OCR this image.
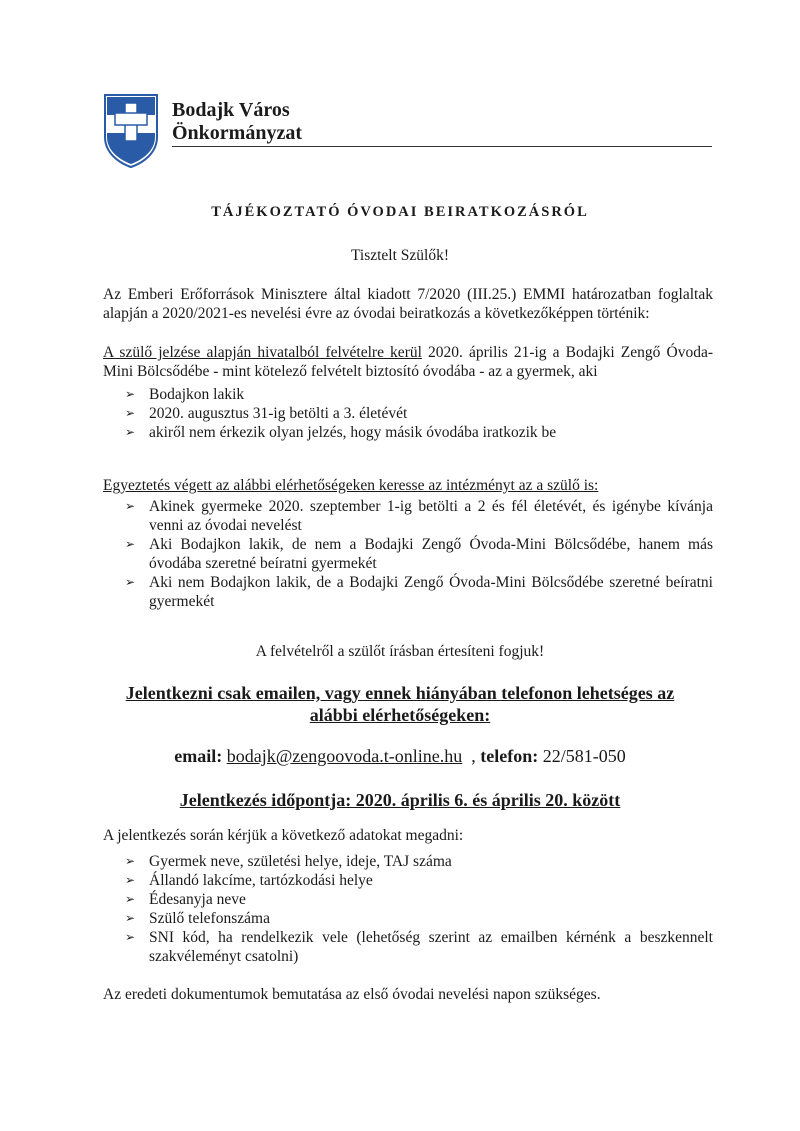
Bodajk Város
Önkormányzat
TÁJÉKOZTATÓ ÓVODAI BEIRATKOZÁSRÓL
Tisztelt Szülők!
Az Emberi Erőforrások Minisztere által kiadott 7/2020 (III.25.) EMMI határozatban foglaltak alapján a 2020/2021-es nevelési évre az óvodai beiratkozás a következőképpen történik:
A szülő jelzése alapján hivatalból felvételre kerül 2020. április 21-ig a Bodajki Zengő Óvoda-Mini Bölcsődébe - mint kötelező felvételt biztosító óvodába - az a gyermek, aki
➢ Bodajkon lakik
➢ 2020. augusztus 31-ig betölti a 3. életévét
➢ akiről nem érkezik olyan jelzés, hogy másik óvodába iratkozik be
Egyeztetés végett az alábbi elérhetőségeken keresse az intézményt az a szülő is:
➢ Akinek gyermeke 2020. szeptember 1-ig betölti a 2 és fél életévét, és igénybe kívánja venni az óvodai nevelést
➢ Aki Bodajkon lakik, de nem a Bodajki Zengő Óvoda-Mini Bölcsődébe, hanem más óvodába szeretné beíratni gyermekét
➢ Aki nem Bodajkon lakik, de a Bodajki Zengő Óvoda-Mini Bölcsődébe szeretné beíratni gyermekét
A felvételről a szülőt írásban értesíteni fogjuk!
Jelentkezni csak emailen, vagy ennek hiányában telefonon lehetséges az
alábbi elérhetőségeken:
email: bodajk@zengoovoda.t-online.hu  , telefon: 22/581-050
Jelentkezés időpontja: 2020. április 6. és április 20. között
A jelentkezés során kérjük a következő adatokat megadni:
➢ Gyermek neve, születési helye, ideje, TAJ száma
➢ Állandó lakcíme, tartózkodási helye
➢ Édesanyja neve
➢ Szülő telefonszáma
➢ SNI kód, ha rendelkezik vele (lehetőség szerint az emailben kérnénk a beszkennelt szakvéleményt csatolni)
Az eredeti dokumentumok bemutatása az első óvodai nevelési napon szükséges.
